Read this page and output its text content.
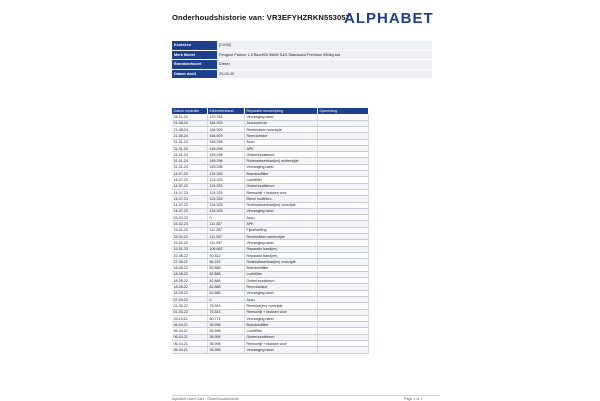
Onderhoudshistorie van: VR3EFYHZRKN553057
ALPHABET
Kenteken	[CV06]
Merk Model	Peugeot Partner 1.5 BlueHDi 96kW S&S Standaard Premium 650kg aut
Brandstofsoort	Diesel
Datum deel1	29-02-20
Datum reparatie	Kilometerstand	Reparatie omschrijving	Opmerking
28-11-24	170.752	Vervanging band	
21-08-24	164.929	Accucontrole	
21-08-24	164.929	Remblokken voorzijde	
21-08-24	164.929	Remvloeistof	
31-01-24	145.298	Accu	
31-01-24	145.298	APK	
31-01-24	145.298	Onderhoudsbeurt	
31-01-24	145.298	Ruitenwisserblad(en) achterzijde	
31-01-24	145.298	Vervanging band	
14-07-23	124.325	Brandstoffilter	
14-07-23	124.325	Luchtfilter	
14-07-23	124.325	Onderhoudsbeurt	
14-07-23	124.325	Remschijf + blokken voor	
14-07-23	124.325	Riem/ multiriem	
14-07-23	124.325	Ruitenwisserblad(en) voorzijde	
14-07-23	124.325	Vervanging band	
03-03-23	0	Accu	
15-02-23	111.287	APK	
15-02-23	111.287	Fijnafstelling	
15-02-23	111.287	Remblokken achterzijde	
15-02-23	111.287	Vervanging band	
12-01-23	106.682	Reparatie band(en)	
22-08-22	90.312	Reparatie band(en)	
27-06-22	86.222	Ruitenwisserblad(en) voorzijde	
18-05-22	82.888	Brandstoffilter	
18-05-22	82.888	Luchtfilter	
18-05-22	82.888	Onderhoudsbeurt	
18-05-22	82.888	Remvloeistof	
18-05-22	82.888	Vervanging band	
07-03-22	0	Accu	
01-03-22	75.343	Remblok(en) voorzijde	
01-03-22	75.343	Remschijf + blokken voor	
29-10-21	60.774	Vervanging band	
06-04-21	36.998	Brandstoffilter	
06-04-21	36.998	Luchtfilter	
06-04-21	36.998	Onderhoudsbeurt	
06-04-21	36.998	Remschijf + blokken voor	
06-04-21	36.998	Vervanging band	
Alphabet Used Cars - Onderhoudshistorie	Page 1 of 1
